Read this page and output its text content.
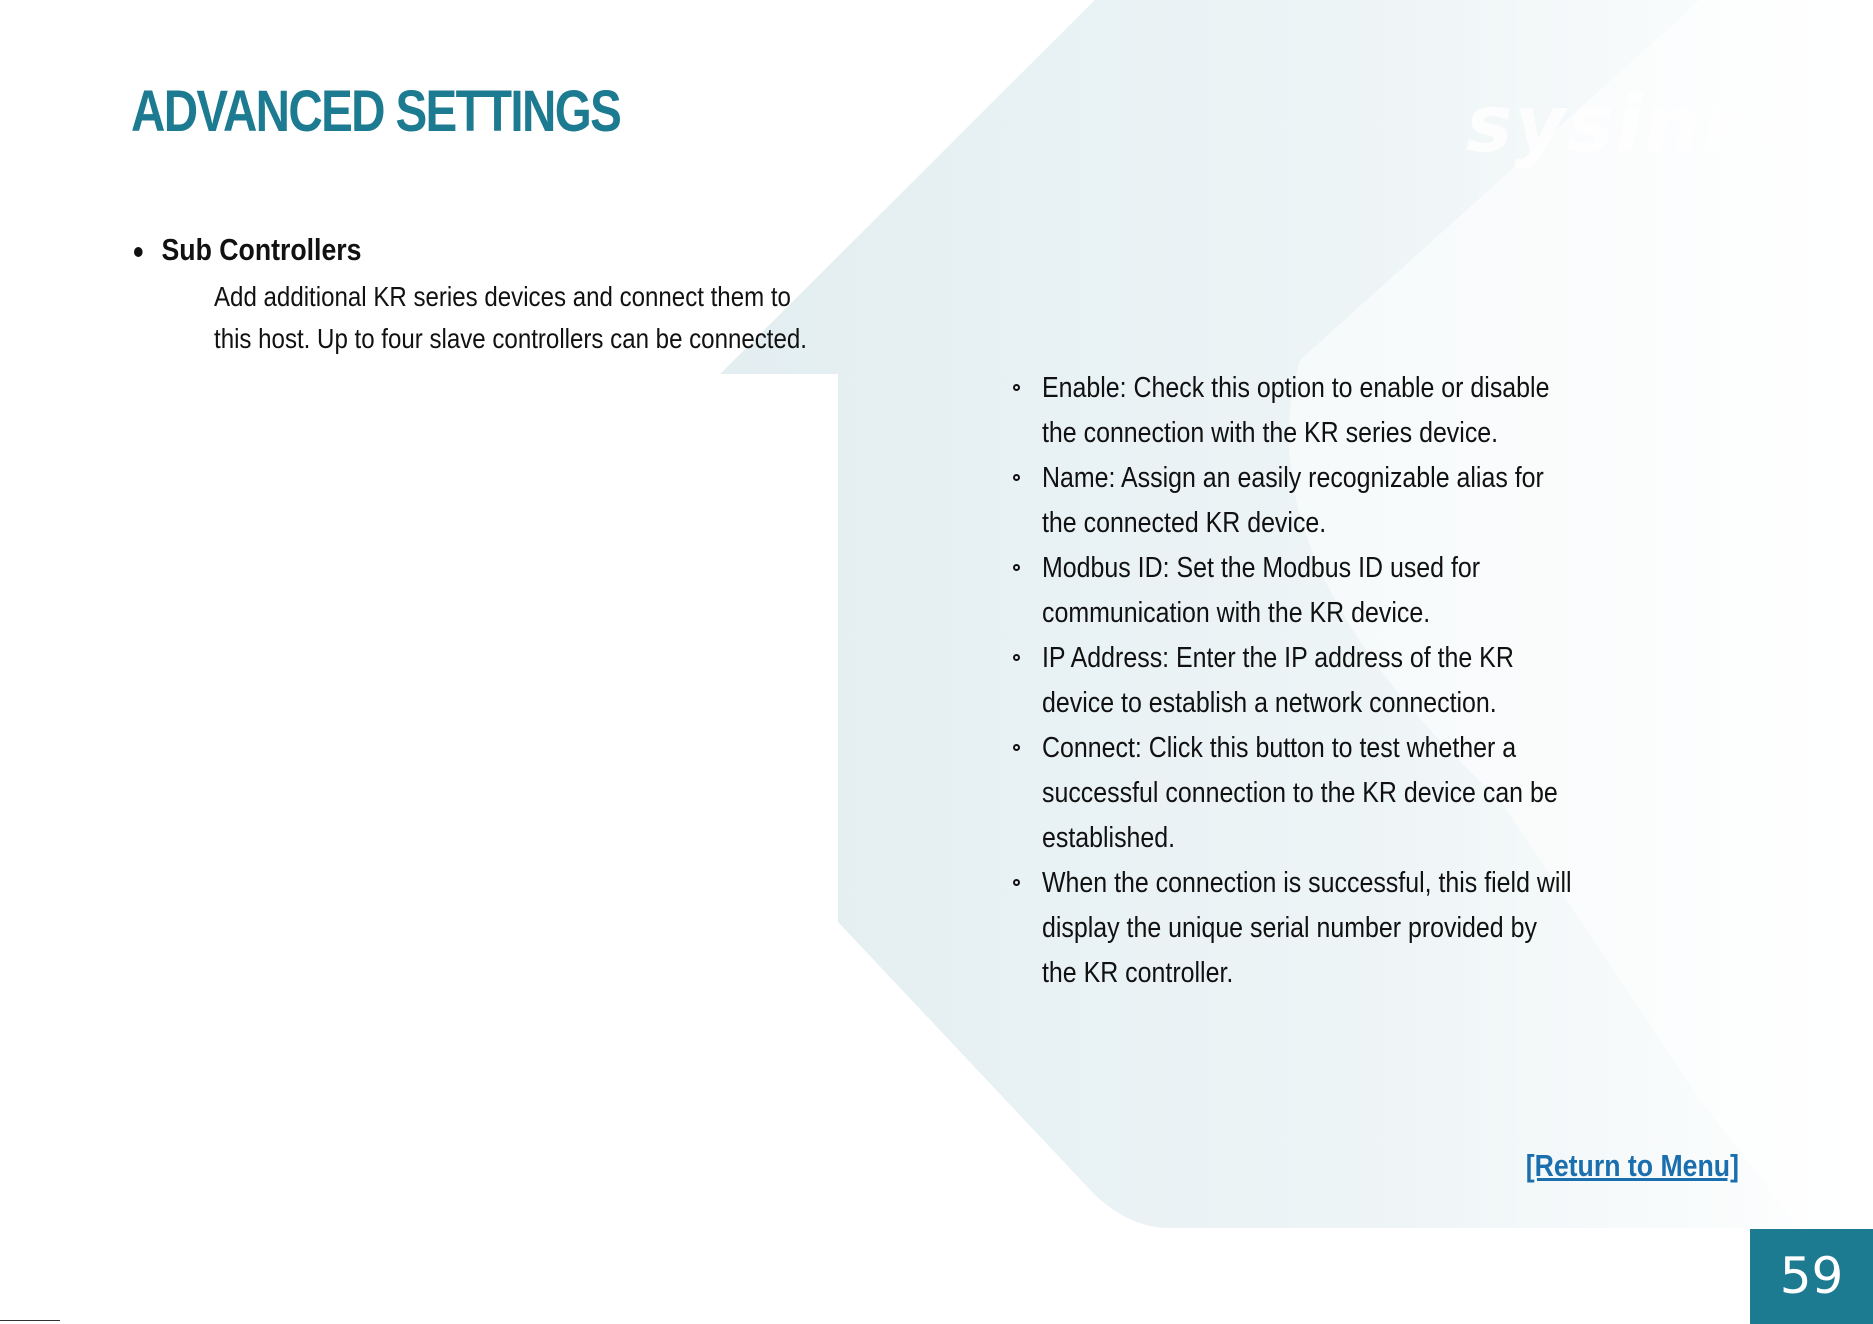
sysinno
ADVANCED SETTINGS
Sub Controllers
Add additional KR series devices and connect them to this host. Up to four slave controllers can be connected.
Enable: Check this option to enable or disable the connection with the KR series device.
Name: Assign an easily recognizable alias for the connected KR device.
Modbus ID: Set the Modbus ID used for communication with the KR device.
IP Address: Enter the IP address of the KR device to establish a network connection.
Connect: Click this button to test whether a successful connection to the KR device can be established.
When the connection is successful, this field will display the unique serial number provided by the KR controller.
[Return to Menu]
59
